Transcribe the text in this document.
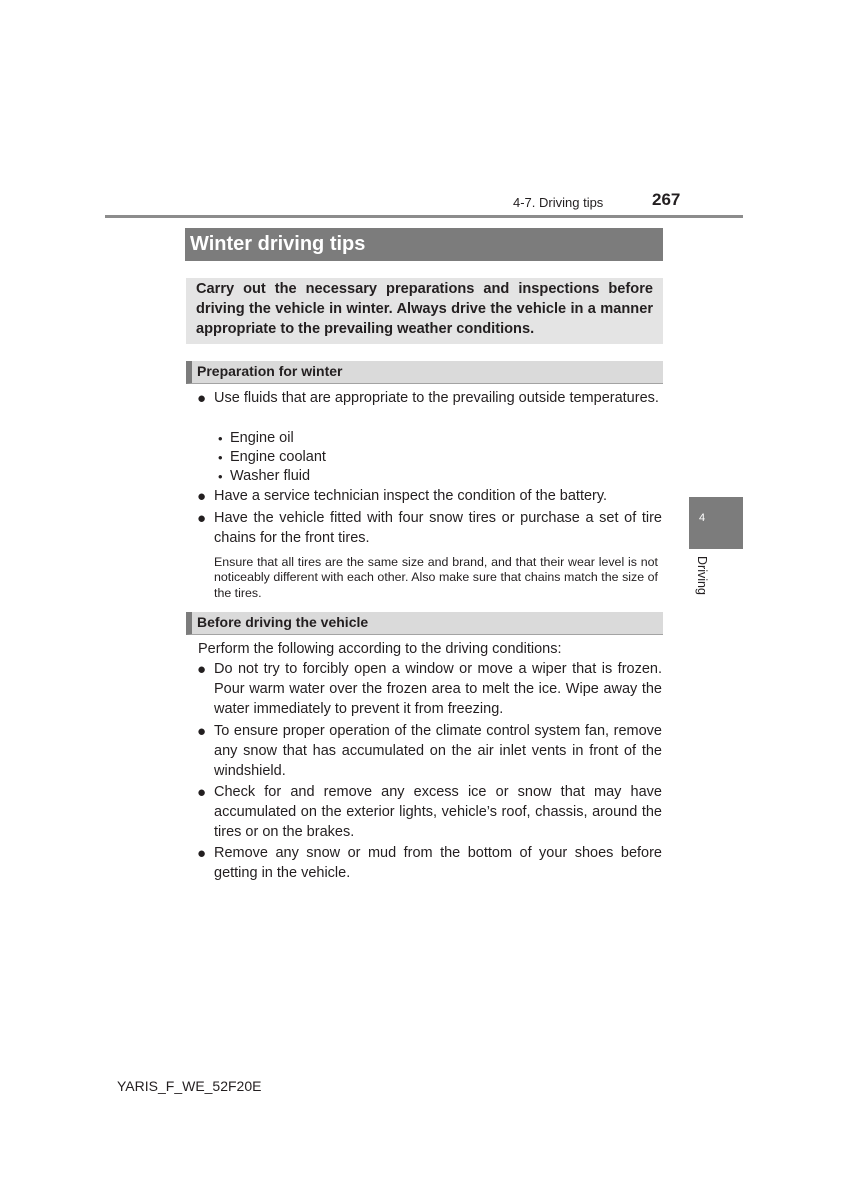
4-7. Driving tips	267
Winter driving tips
Carry out the necessary preparations and inspections before driving the vehicle in winter. Always drive the vehicle in a manner appropriate to the prevailing weather conditions.
Preparation for winter
● Use fluids that are appropriate to the prevailing outside temperatures.
• Engine oil
• Engine coolant
• Washer fluid
● Have a service technician inspect the condition of the battery.
● Have the vehicle fitted with four snow tires or purchase a set of tire chains for the front tires.
Ensure that all tires are the same size and brand, and that their wear level is not noticeably different with each other. Also make sure that chains match the size of the tires.
Before driving the vehicle
Perform the following according to the driving conditions:
● Do not try to forcibly open a window or move a wiper that is frozen. Pour warm water over the frozen area to melt the ice. Wipe away the water immediately to prevent it from freezing.
● To ensure proper operation of the climate control system fan, remove any snow that has accumulated on the air inlet vents in front of the windshield.
● Check for and remove any excess ice or snow that may have accumulated on the exterior lights, vehicle’s roof, chassis, around the tires or on the brakes.
● Remove any snow or mud from the bottom of your shoes before getting in the vehicle.
4
Driving
YARIS_F_WE_52F20E
